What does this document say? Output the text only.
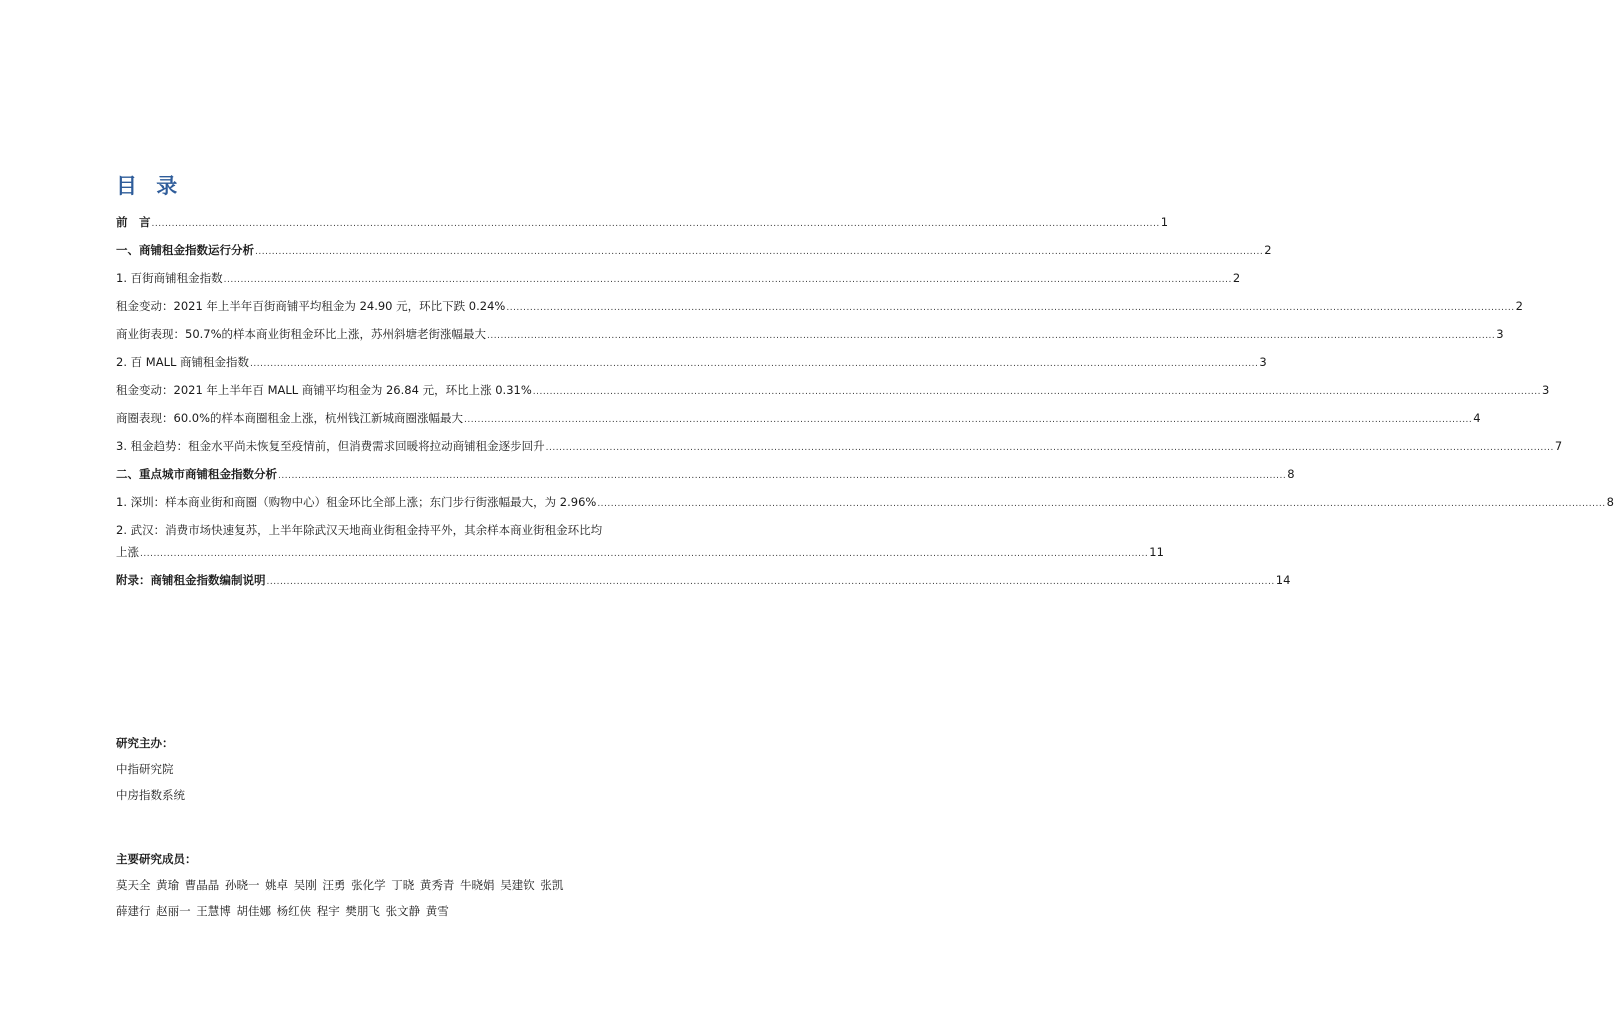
目 录
前　言 ............................................................................................................................................................................................................................................................................................................ 1
一、商铺租金指数运行分析 ............................................................................................................................................................................................................................................................................................................ 2
1. 百街商铺租金指数 ............................................................................................................................................................................................................................................................................................................ 2
租金变动：2021 年上半年百街商铺平均租金为 24.90 元，环比下跌 0.24% ............................................................................................................................................................................................................................................................................................................ 2
商业街表现：50.7%的样本商业街租金环比上涨，苏州斜塘老街涨幅最大 ............................................................................................................................................................................................................................................................................................................ 3
2. 百 MALL 商铺租金指数 ............................................................................................................................................................................................................................................................................................................ 3
租金变动：2021 年上半年百 MALL 商铺平均租金为 26.84 元，环比上涨 0.31% ............................................................................................................................................................................................................................................................................................................ 3
商圈表现：60.0%的样本商圈租金上涨，杭州钱江新城商圈涨幅最大 ............................................................................................................................................................................................................................................................................................................ 4
3. 租金趋势：租金水平尚未恢复至疫情前，但消费需求回暖将拉动商铺租金逐步回升 ............................................................................................................................................................................................................................................................................................................ 7
二、重点城市商铺租金指数分析 ............................................................................................................................................................................................................................................................................................................ 8
1. 深圳：样本商业街和商圈（购物中心）租金环比全部上涨；东门步行街涨幅最大，为 2.96% ............................................................................................................................................................................................................................................................................................................ 8
2. 武汉：消费市场快速复苏，上半年除武汉天地商业街租金持平外，其余样本商业街租金环比均
上涨 ............................................................................................................................................................................................................................................................................................................ 11
附录：商铺租金指数编制说明 ............................................................................................................................................................................................................................................................................................................ 14
研究主办：
中指研究院
中房指数系统
主要研究成员：
莫天全 黄瑜 曹晶晶 孙晓一 姚卓 吴刚 汪勇 张化学 丁晓 黄秀青 牛晓娟 吴建钦 张凯
薛建行 赵丽一 王慧博 胡佳娜 杨红侠 程宇 樊朋飞 张文静 黄雪
